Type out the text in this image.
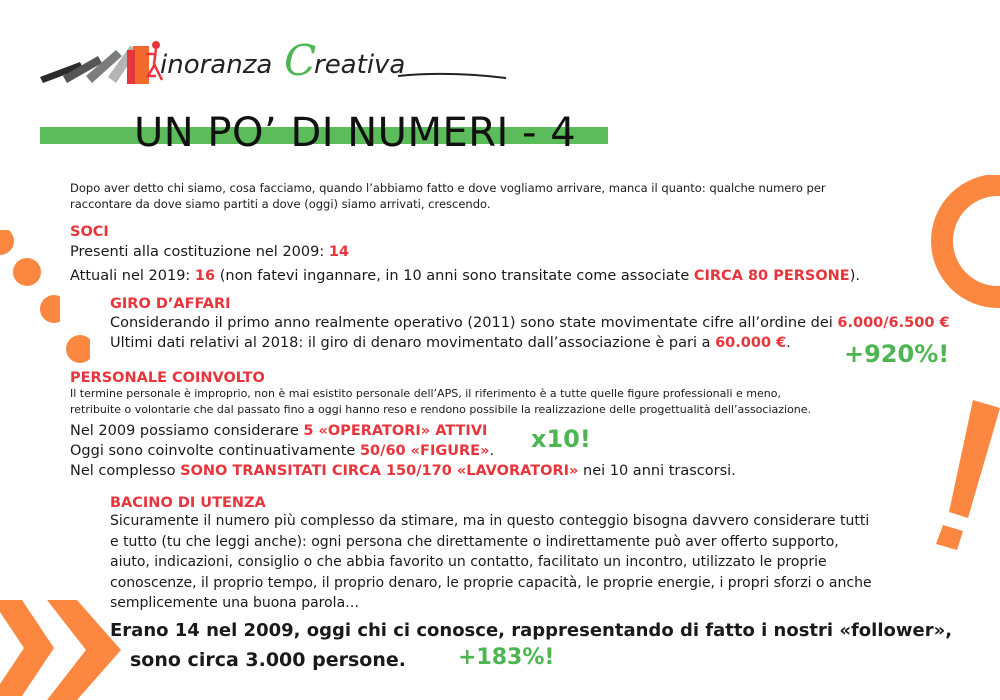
inoranza C
reativa
UN PO’ DI NUMERI - 4
Dopo aver detto chi siamo, cosa facciamo, quando l’abbiamo fatto e dove vogliamo arrivare, manca il quanto: qualche numero per
raccontare da dove siamo partiti a dove (oggi) siamo arrivati, crescendo.
SOCI
Presenti alla costituzione nel 2009: 14
Attuali nel 2019: 16 (non fatevi ingannare, in 10 anni sono transitate come associate CIRCA 80 PERSONE).
GIRO D’AFFARI
Considerando il primo anno realmente operativo (2011) sono state movimentate cifre all’ordine dei 6.000/6.500 €
Ultimi dati relativi al 2018: il giro di denaro movimentato dall’associazione è pari a 60.000 €.	+920%!
PERSONALE COINVOLTO
Il termine personale è improprio, non è mai esistito personale dell’APS, il riferimento è a tutte quelle figure professionali e meno,
retribuite o volontarie che dal passato fino a oggi hanno reso e rendono possibile la realizzazione delle progettualità dell’associazione.
Nel 2009 possiamo considerare 5 «OPERATORI» ATTIVI
Oggi sono coinvolte continuativamente 50/60 «FIGURE».
Nel complesso SONO TRANSITATI CIRCA 150/170 «LAVORATORI» nei 10 anni trascorsi.
x10!
BACINO DI UTENZA
Sicuramente il numero più complesso da stimare, ma in questo conteggio bisogna davvero considerare tutti
e tutto (tu che leggi anche): ogni persona che direttamente o indirettamente può aver offerto supporto,
aiuto, indicazioni, consiglio o che abbia favorito un contatto, facilitato un incontro, utilizzato le proprie
conoscenze, il proprio tempo, il proprio denaro, le proprie capacità, le proprie energie, i propri sforzi o anche
semplicemente una buona parola…
Erano 14 nel 2009, oggi chi ci conosce, rappresentando di fatto i nostri «follower»,
sono circa 3.000 persone. +183%!
